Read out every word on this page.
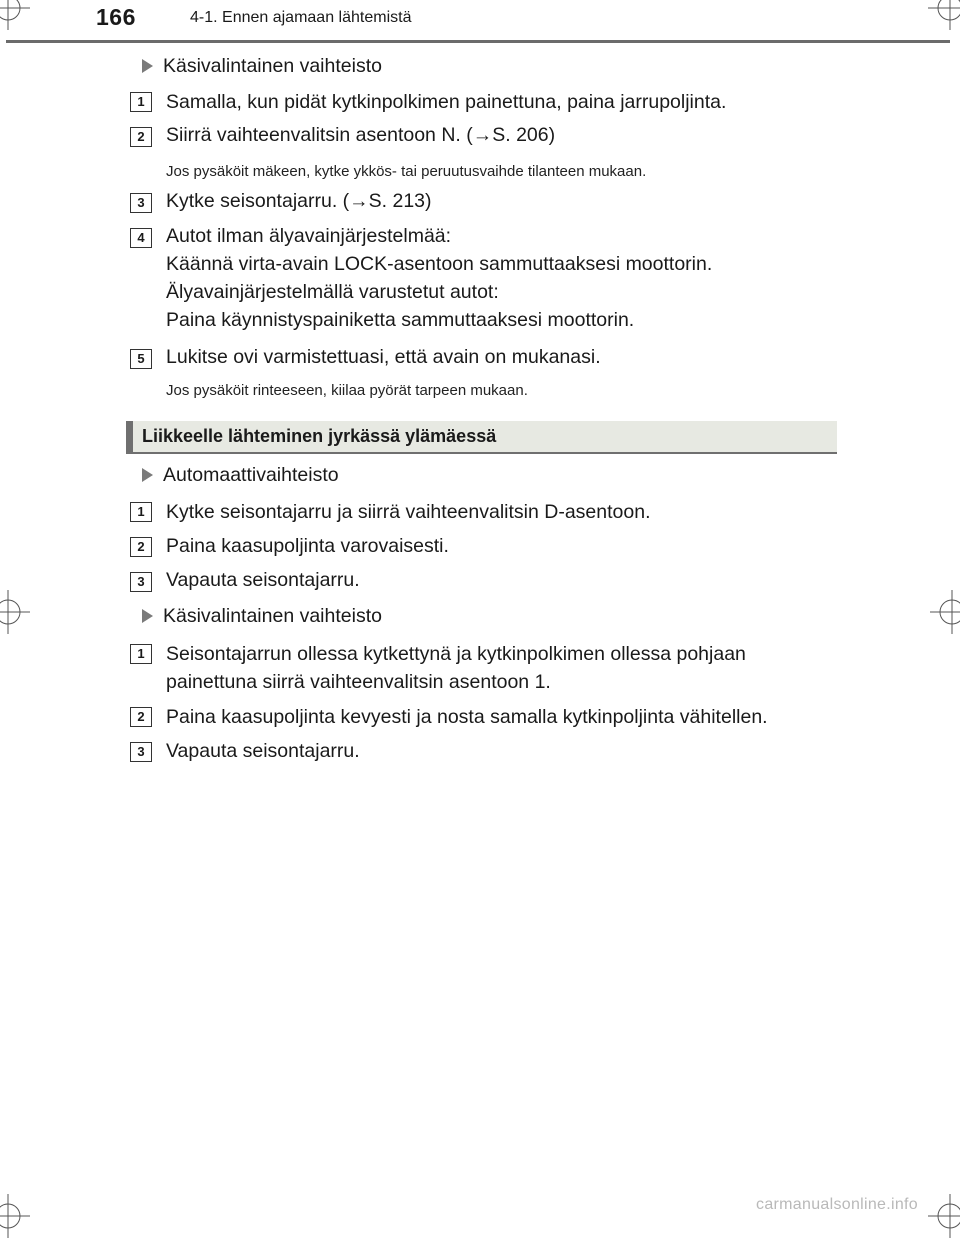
166	4-1. Ennen ajamaan lähtemistä
Käsivalintainen vaihteisto
1	Samalla, kun pidät kytkinpolkimen painettuna, paina jarrupoljinta.
2	Siirrä vaihteenvalitsin asentoon N. (→S. 206)
Jos pysäköit mäkeen, kytke ykkös- tai peruutusvaihde tilanteen mukaan.
3	Kytke seisontajarru. (→S. 213)
4	Autot ilman älyavainjärjestelmää:
Käännä virta-avain LOCK-asentoon sammuttaaksesi moottorin.
Älyavainjärjestelmällä varustetut autot:
Paina käynnistyspainiketta sammuttaaksesi moottorin.
5	Lukitse ovi varmistettuasi, että avain on mukanasi.
Jos pysäköit rinteeseen, kiilaa pyörät tarpeen mukaan.
Liikkeelle lähteminen jyrkässä ylämäessä
Automaattivaihteisto
1	Kytke seisontajarru ja siirrä vaihteenvalitsin D-asentoon.
2	Paina kaasupoljinta varovaisesti.
3	Vapauta seisontajarru.
Käsivalintainen vaihteisto
1	Seisontajarrun ollessa kytkettynä ja kytkinpolkimen ollessa pohjaan
painettuna siirrä vaihteenvalitsin asentoon 1.
2	Paina kaasupoljinta kevyesti ja nosta samalla kytkinpoljinta vähitellen.
3	Vapauta seisontajarru.
carmanualsonline.info
